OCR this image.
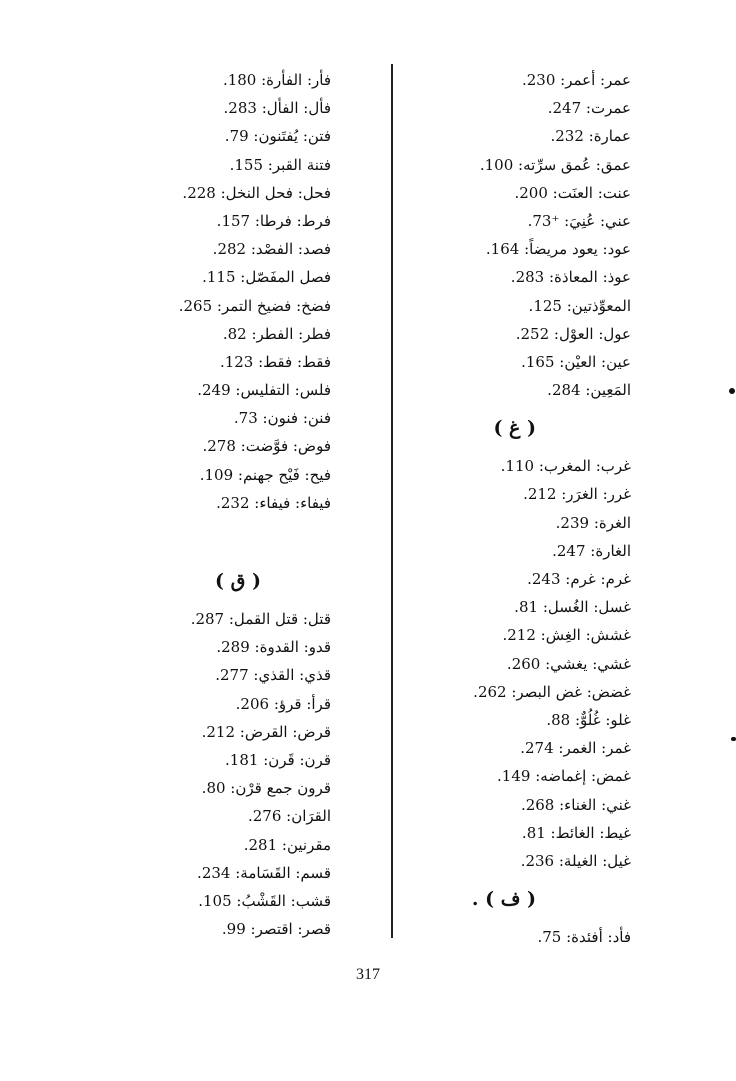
عمر: أعمر: 230.
عمرت: 247.
عمارة: 232.
عمق: عُمق سرِّته: 100.
عنت: العنَت: 200.
عني: عُنِيَ: ⁺73.
عود: يعود مريضاً: 164.
عوذ: المعاذة: 283.
المعوِّذتين: 125.
عول: العوْل: 252.
عين: العيْن: 165.
المَعِين: 284.
( غ )
غرب: المغرب: 110.
غرر: الغرَر: 212.
الغرة: 239.
الغارة: 247.
غرم: غرم: 243.
غسل: الغُسل: 81.
غشش: الغِش: 212.
غشي: يغشي: 260.
غضض: غض البصر: 262.
غلو: غُلُوٌّ: 88.
غمر: الغمر: 274.
غمض: إغماضه: 149.
غني: الغناء: 268.
غيط: الغائط: 81.
غيل: الغيلة: 236.
( ف ) .
فأد: أفئدة: 75.
فأر: الفأرة: 180.
فأل: الفأل: 283.
فتن: يُفتَنون: 79.
فتنة القبر: 155.
فحل: فحل النخل: 228.
فرط: فرطا: 157.
فصد: الفصْد: 282.
فصل المفَصّل: 115.
فضخ: فضيخ التمر: 265.
فطر: الفطر: 82.
فقط: فقط: 123.
فلس: التفليس: 249.
فنن: فنون: 73.
فوض: فوَّضت: 278.
فيح: فَيْح جهنم: 109.
فيفاء: فيفاء: 232.
( ق )
قتل: قتل القمل: 287.
قدو: القدوة: 289.
قذي: القذي: 277.
قرأ: قرؤ: 206.
قرض: القرض: 212.
قرن: قَرن: 181.
قرون جمع قرْن: 80.
القرَان: 276.
مقرنين: 281.
قسم: القَسَامة: 234.
قشب: القَشْبُ: 105.
قصر: اقتصر: 99.
317
